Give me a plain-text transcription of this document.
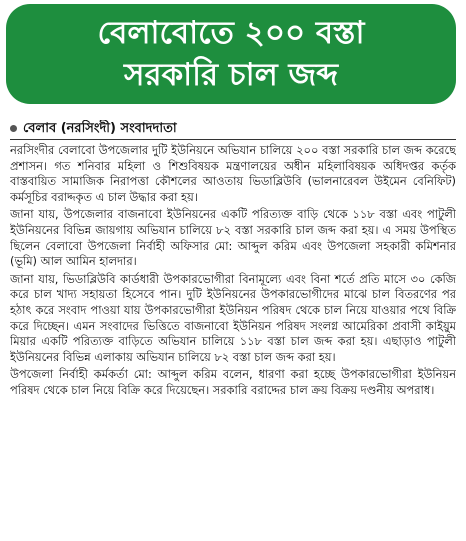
বেলাবোতে ২০০ বস্তা
সরকারি চাল জব্দ
বেলাব (নরসিংদী) সংবাদদাতা

নরসিংদীর বেলাবো উপজেলার দুটি ইউনিয়নে অভিযান চালিয়ে ২০০ বস্তা সরকারি চাল জব্দ করেছে প্রশাসন। গত শনিবার মহিলা ও শিশুবিষয়ক মন্ত্রণালয়ের অধীন মহিলাবিষয়ক অধিদপ্তর কর্তৃক বাস্তবায়িত সামাজিক নিরাপত্তা কৌশলের আওতায় ভিডাব্লিউবি (ভালনারেবল উইমেন বেনিফিট) কর্মসূচির বরাদ্দকৃত এ চাল উদ্ধার করা হয়।

জানা যায়, উপজেলার বাজনাবো ইউনিয়নের একটি পরিত্যক্ত বাড়ি থেকে ১১৮ বস্তা এবং পাটুলী ইউনিয়নের বিভিন্ন জায়গায় অভিযান চালিয়ে ৮২ বস্তা সরকারি চাল জব্দ করা হয়। এ সময় উপস্থিত ছিলেন বেলাবো উপজেলা নির্বাহী অফিসার মো: আব্দুল করিম এবং উপজেলা সহকারী কমিশনার (ভূমি) আল আমিন হালদার।

জানা যায়, ভিডাব্লিউবি কার্ডধারী উপকারভোগীরা বিনামূল্যে এবং বিনা শর্তে প্রতি মাসে ৩০ কেজি করে চাল খাদ্য সহায়তা হিসেবে পান। দুটি ইউনিয়নের উপকারভোগীদের মাঝে চাল বিতরণের পর হঠাৎ করে সংবাদ পাওয়া যায় উপকারভোগীরা ইউনিয়ন পরিষদ থেকে চাল নিয়ে যাওয়ার পথে বিক্রি করে দিচ্ছেন। এমন সংবাদের ভিত্তিতে বাজনাবো ইউনিয়ন পরিষদ সংলগ্ন আমেরিকা প্রবাসী কাইয়ুম মিয়ার একটি পরিত্যক্ত বাড়িতে অভিযান চালিয়ে ১১৮ বস্তা চাল জব্দ করা হয়। এছাড়াও পাটুলী ইউনিয়নের বিভিন্ন এলাকায় অভিযান চালিয়ে ৮২ বস্তা চাল জব্দ করা হয়।

উপজেলা নির্বাহী কর্মকর্তা মো: আব্দুল করিম বলেন, ধারণা করা হচ্ছে উপকারভোগীরা ইউনিয়ন পরিষদ থেকে চাল নিয়ে বিক্রি করে দিয়েছেন। সরকারি বরাদ্দের চাল ক্রয় বিক্রয় দণ্ডনীয় অপরাধ।
